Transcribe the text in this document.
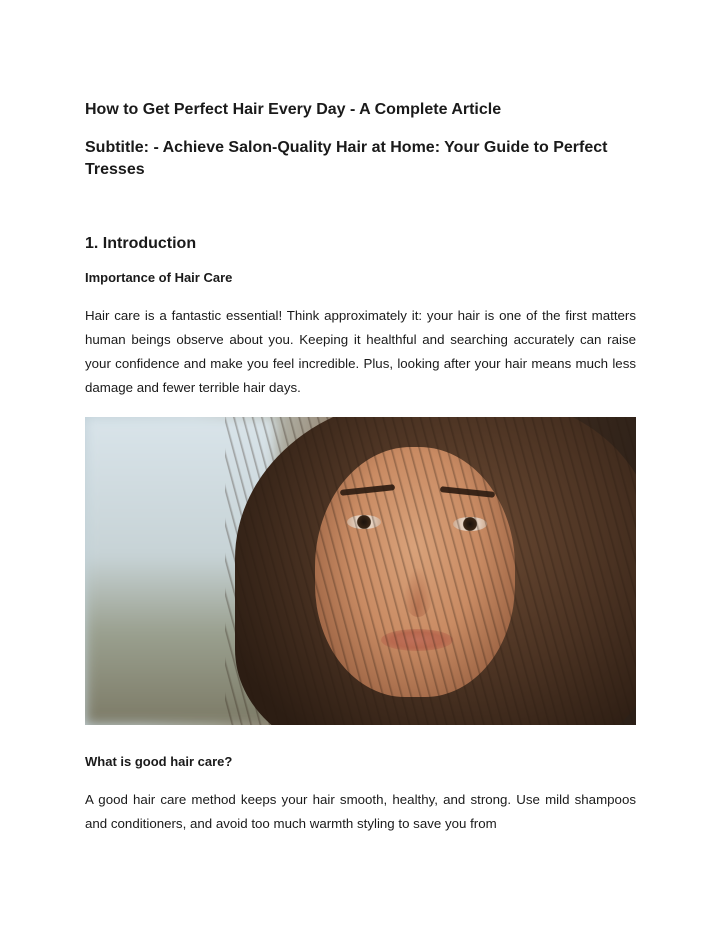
How to Get Perfect Hair Every Day - A Complete Article

Subtitle: - Achieve Salon-Quality Hair at Home: Your Guide to Perfect Tresses

1. Introduction
Importance of Hair Care

Hair care is a fantastic essential! Think approximately it: your hair is one of the first matters human beings observe about you. Keeping it healthful and searching accurately can raise your confidence and make you feel incredible. Plus, looking after your hair means much less damage and fewer terrible hair days.

What is good hair care?

A good hair care method keeps your hair smooth, healthy, and strong. Use mild shampoos and conditioners, and avoid too much warmth styling to save you from
